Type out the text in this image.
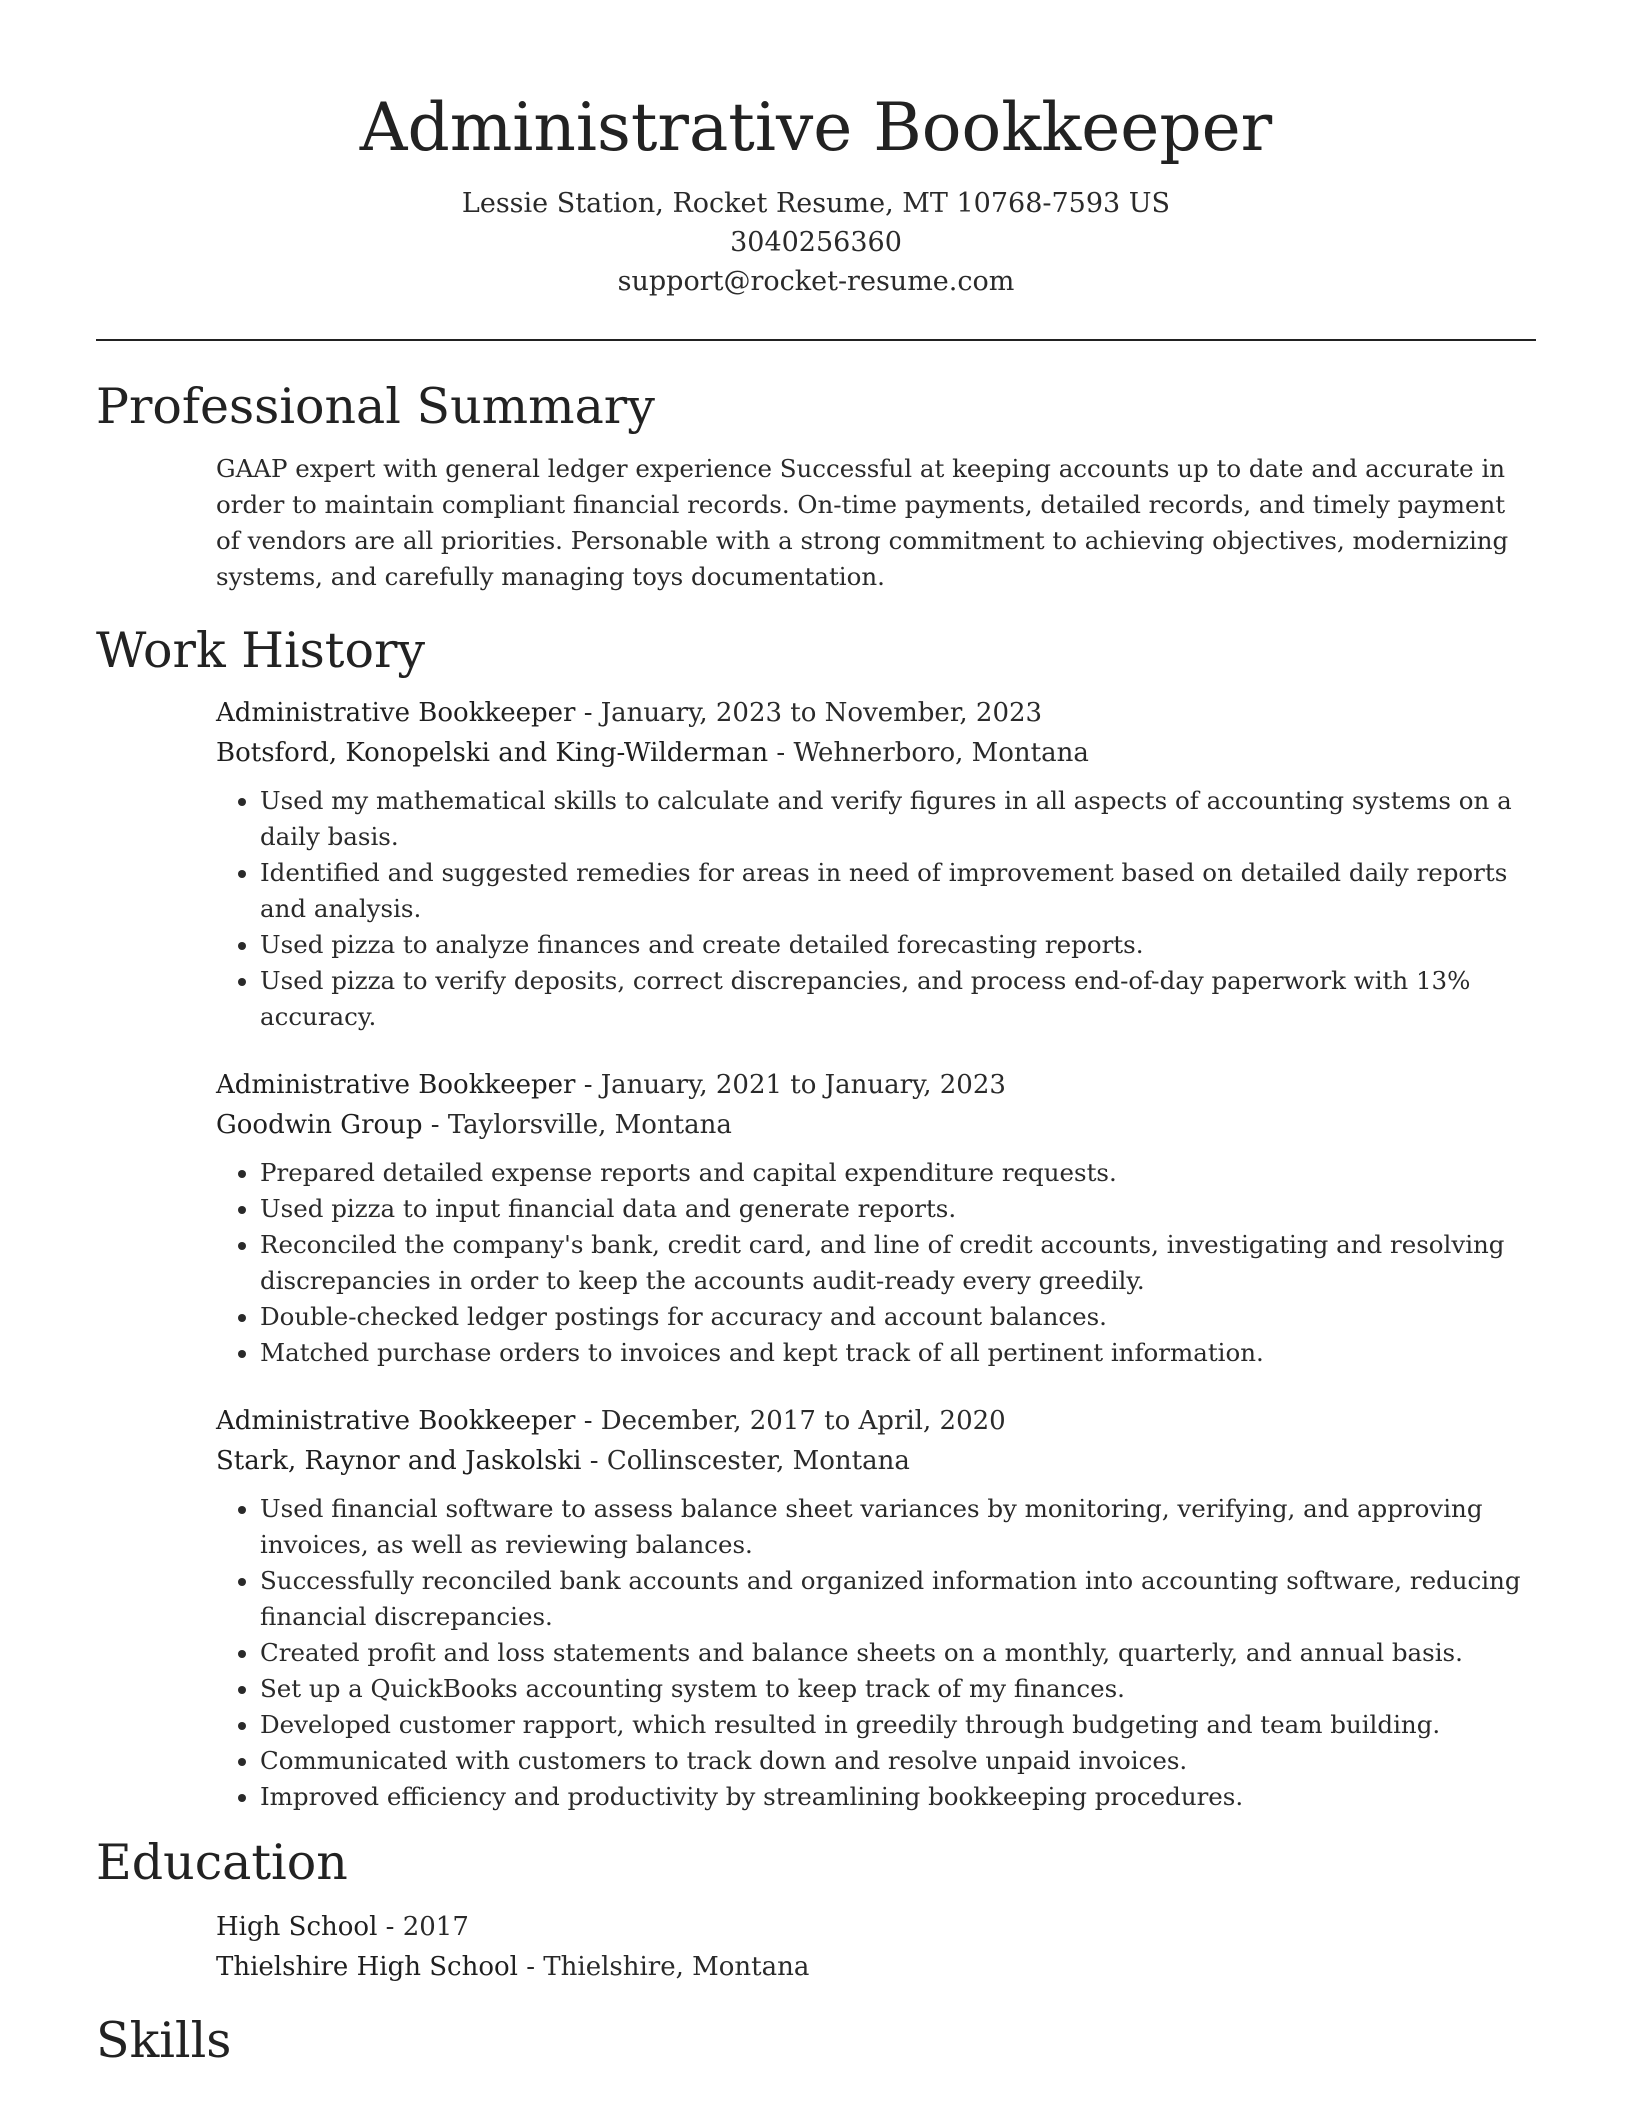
Administrative Bookkeeper
Lessie Station, Rocket Resume, MT 10768-7593 US
3040256360
support@rocket-resume.com
Professional Summary

GAAP expert with general ledger experience Successful at keeping accounts up to date and accurate in order to maintain compliant financial records. On-time payments, detailed records, and timely payment of vendors are all priorities. Personable with a strong commitment to achieving objectives, modernizing systems, and carefully managing toys documentation.

Work History
Administrative Bookkeeper - January, 2023 to November, 2023
Botsford, Konopelski and King-Wilderman - Wehnerboro, Montana
• Used my mathematical skills to calculate and verify figures in all aspects of accounting systems on a daily basis.
• Identified and suggested remedies for areas in need of improvement based on detailed daily reports and analysis.
• Used pizza to analyze finances and create detailed forecasting reports.
• Used pizza to verify deposits, correct discrepancies, and process end-of-day paperwork with 13% accuracy.
Administrative Bookkeeper - January, 2021 to January, 2023
Goodwin Group - Taylorsville, Montana
• Prepared detailed expense reports and capital expenditure requests.
• Used pizza to input financial data and generate reports.
• Reconciled the company's bank, credit card, and line of credit accounts, investigating and resolving discrepancies in order to keep the accounts audit-ready every greedily.
• Double-checked ledger postings for accuracy and account balances.
• Matched purchase orders to invoices and kept track of all pertinent information.
Administrative Bookkeeper - December, 2017 to April, 2020
Stark, Raynor and Jaskolski - Collinscester, Montana
• Used financial software to assess balance sheet variances by monitoring, verifying, and approving invoices, as well as reviewing balances.
• Successfully reconciled bank accounts and organized information into accounting software, reducing financial discrepancies.
• Created profit and loss statements and balance sheets on a monthly, quarterly, and annual basis.
• Set up a QuickBooks accounting system to keep track of my finances.
• Developed customer rapport, which resulted in greedily through budgeting and team building.
• Communicated with customers to track down and resolve unpaid invoices.
• Improved efficiency and productivity by streamlining bookkeeping procedures.
Education
High School - 2017
Thielshire High School - Thielshire, Montana
Skills
